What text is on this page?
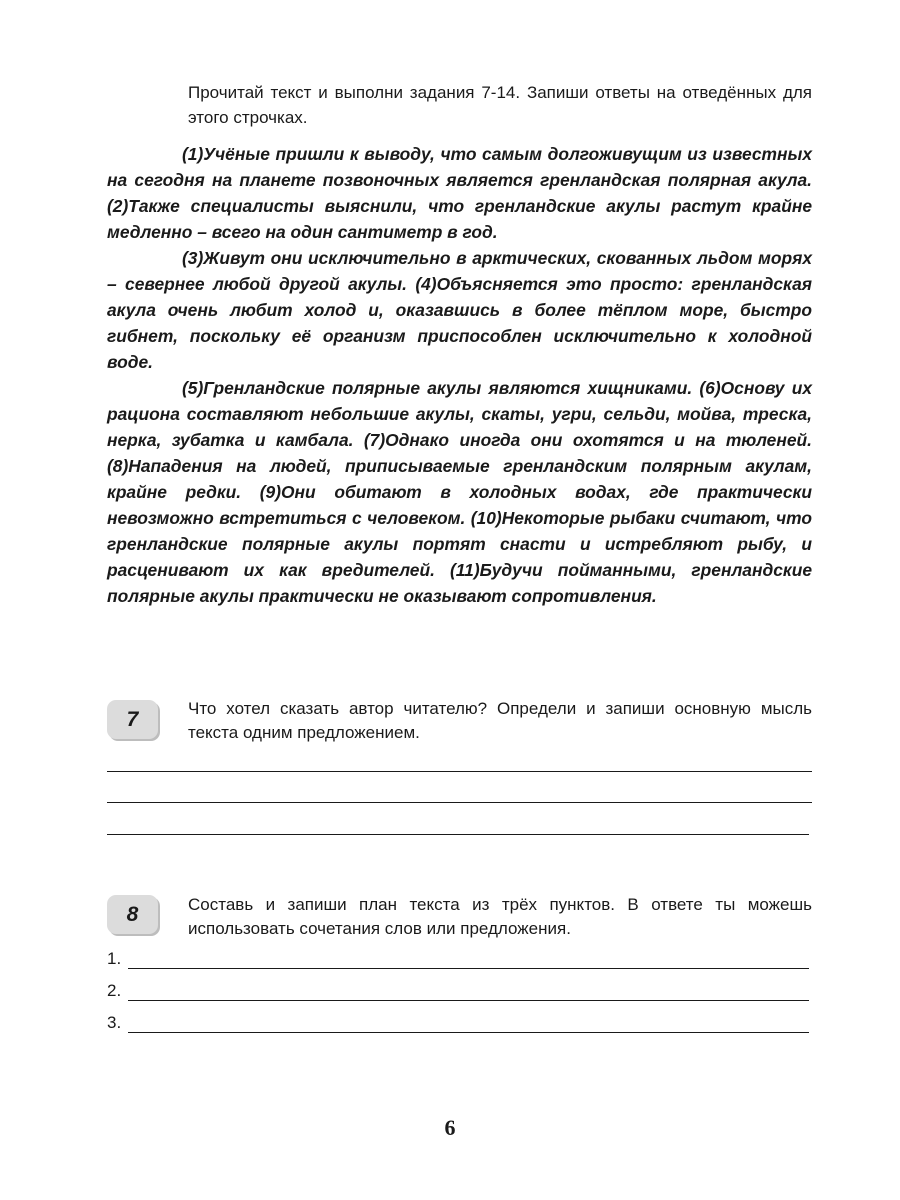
Прочитай текст и выполни задания 7-14. Запиши ответы на отведённых для этого строчках.

(1)Учёные пришли к выводу, что самым долгоживущим из известных на сегодня на планете позвоночных является гренландская полярная акула. (2)Также специалисты выяснили, что гренландские акулы растут крайне медленно – всего на один сантиметр в год.

(3)Живут они исключительно в арктических, скованных льдом морях – севернее любой другой акулы. (4)Объясняется это просто: гренландская акула очень любит холод и, оказавшись в более тёплом море, быстро гибнет, поскольку её организм приспособлен исключительно к холодной воде.

(5)Гренландские полярные акулы являются хищниками. (6)Основу их рациона составляют небольшие акулы, скаты, угри, сельди, мойва, треска, нерка, зубатка и камбала. (7)Однако иногда они охотятся и на тюленей. (8)Нападения на людей, приписываемые гренландским полярным акулам, крайне редки. (9)Они обитают в холодных водах, где практически невозможно встретиться с человеком. (10)Некоторые рыбаки считают, что гренландские полярные акулы портят снасти и истребляют рыбу, и расценивают их как вредителей. (11)Будучи пойманными, гренландские полярные акулы практически не оказывают сопротивления.

7	Что хотел сказать автор читателю? Определи и запиши основную мысль текста одним предложением.

8	Составь и запиши план текста из трёх пунктов. В ответе ты можешь использовать сочетания слов или предложения.

1.
2.
3.
6
